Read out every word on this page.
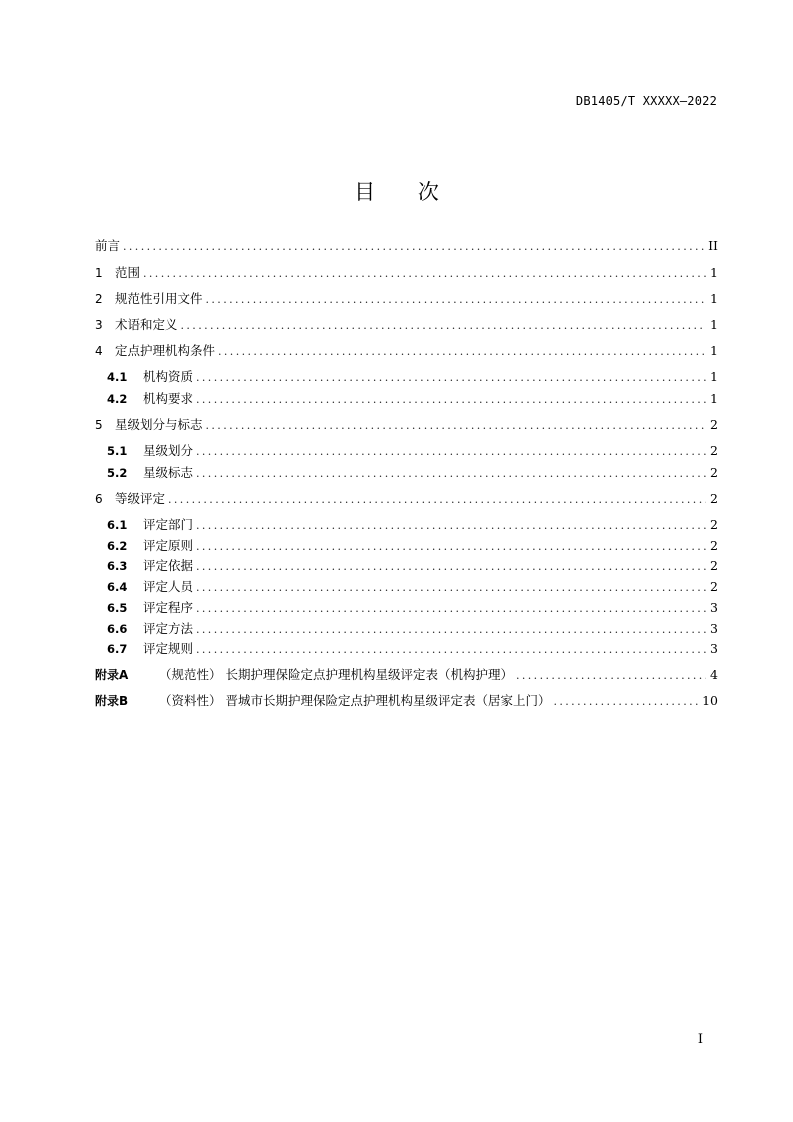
DB1405/T XXXXX—2022
目 次
前言 .....	II
1 范围 .....	1
2 规范性引用文件 .....	1
3 术语和定义 .....	1
4 定点护理机构条件 .....	1
4.1	机构资质 .....	1
4.2	机构要求 .....	1
5 星级划分与标志 .....	2
5.1	星级划分 .....	2
5.2	星级标志 .....	2
6 等级评定 .....	2
6.1	评定部门 .....	2
6.2	评定原则 .....	2
6.3	评定依据 .....	2
6.4	评定人员 .....	2
6.5	评定程序 .....	3
6.6	评定方法 .....	3
6.7	评定规则 .....	3
附录A	（规范性） 长期护理保险定点护理机构星级评定表（机构护理） .....	4
附录B	（资料性） 晋城市长期护理保险定点护理机构星级评定表（居家上门） .....	10
I
